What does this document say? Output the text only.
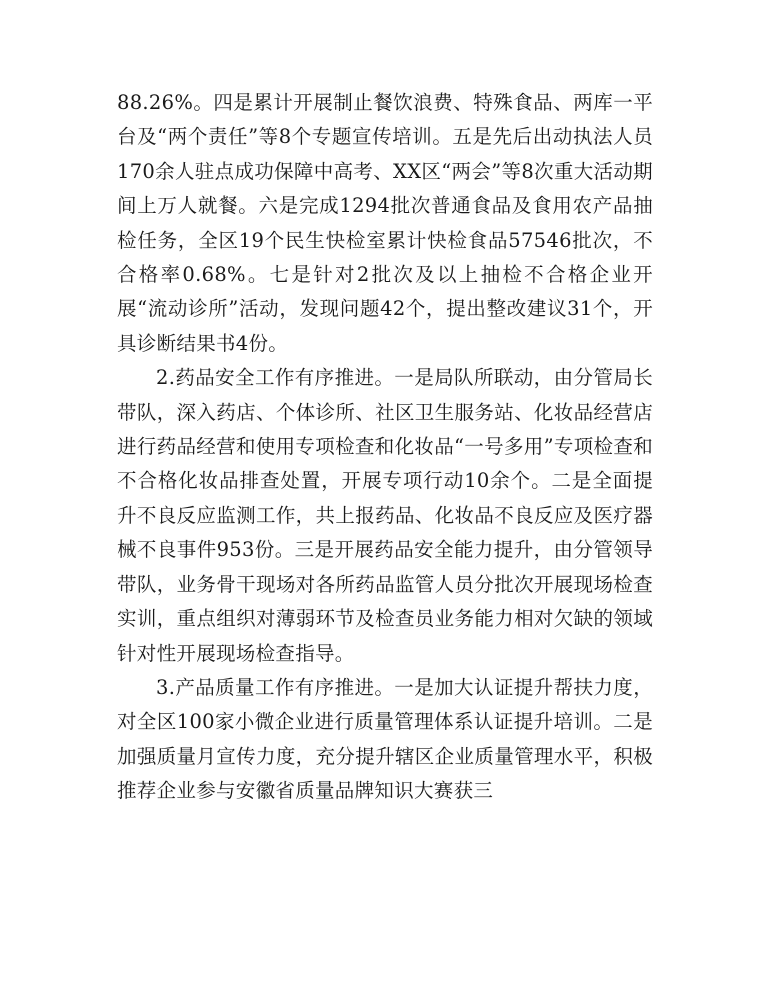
88.26%。四是累计开展制止餐饮浪费、特殊食品、两库一平台及“两个责任”等8个专题宣传培训。五是先后出动执法人员170余人驻点成功保障中高考、XX区“两会”等8次重大活动期间上万人就餐。六是完成1294批次普通食品及食用农产品抽检任务，全区19个民生快检室累计快检食品57546批次，不合格率0.68%。七是针对2批次及以上抽检不合格企业开展“流动诊所”活动，发现问题42个，提出整改建议31个，开具诊断结果书4份。

2.药品安全工作有序推进。一是局队所联动，由分管局长带队，深入药店、个体诊所、社区卫生服务站、化妆品经营店进行药品经营和使用专项检查和化妆品“一号多用”专项检查和不合格化妆品排查处置，开展专项行动10余个。二是全面提升不良反应监测工作，共上报药品、化妆品不良反应及医疗器械不良事件953份。三是开展药品安全能力提升，由分管领导带队，业务骨干现场对各所药品监管人员分批次开展现场检查实训，重点组织对薄弱环节及检查员业务能力相对欠缺的领域针对性开展现场检查指导。

3.产品质量工作有序推进。一是加大认证提升帮扶力度，对全区100家小微企业进行质量管理体系认证提升培训。二是加强质量月宣传力度，充分提升辖区企业质量管理水平，积极推荐企业参与安徽省质量品牌知识大赛获三
